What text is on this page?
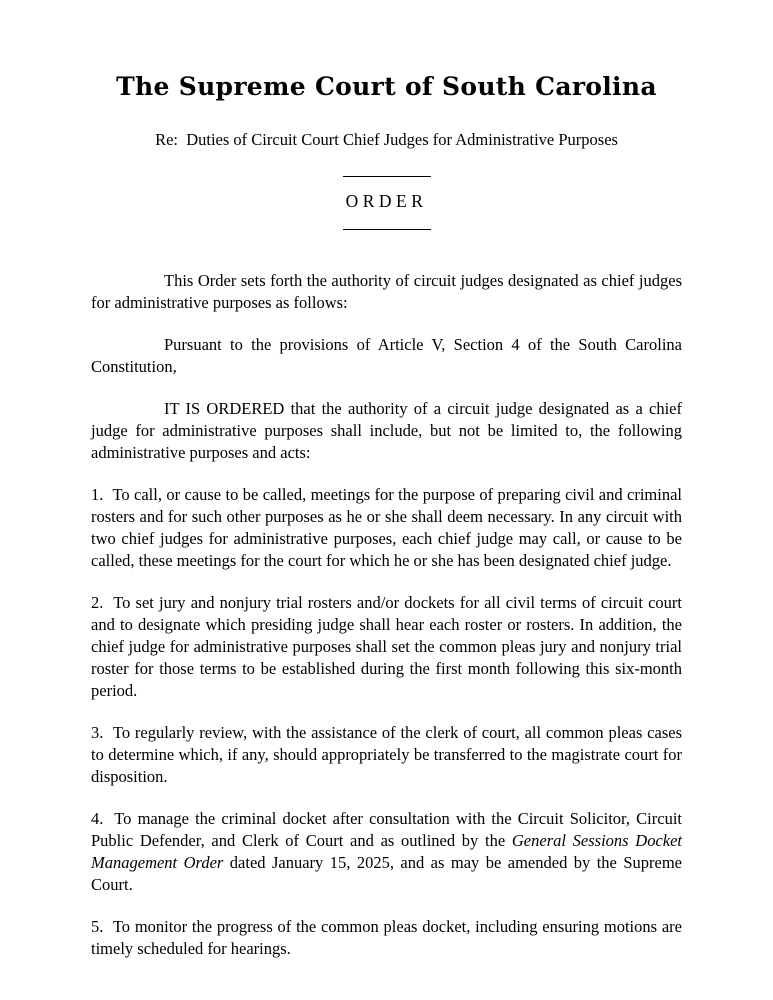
The Supreme Court of South Carolina
Re:  Duties of Circuit Court Chief Judges for Administrative Purposes
ORDER

This Order sets forth the authority of circuit judges designated as chief judges for administrative purposes as follows:

Pursuant to the provisions of Article V, Section 4 of the South Carolina Constitution,

IT IS ORDERED that the authority of a circuit judge designated as a chief judge for administrative purposes shall include, but not be limited to, the following administrative purposes and acts:

1. To call, or cause to be called, meetings for the purpose of preparing civil and criminal rosters and for such other purposes as he or she shall deem necessary. In any circuit with two chief judges for administrative purposes, each chief judge may call, or cause to be called, these meetings for the court for which he or she has been designated chief judge.

2. To set jury and nonjury trial rosters and/or dockets for all civil terms of circuit court and to designate which presiding judge shall hear each roster or rosters. In addition, the chief judge for administrative purposes shall set the common pleas jury and nonjury trial roster for those terms to be established during the first month following this six-month period.

3. To regularly review, with the assistance of the clerk of court, all common pleas cases to determine which, if any, should appropriately be transferred to the magistrate court for disposition.

4. To manage the criminal docket after consultation with the Circuit Solicitor, Circuit Public Defender, and Clerk of Court and as outlined by the General Sessions Docket Management Order dated January 15, 2025, and as may be amended by the Supreme Court.

5. To monitor the progress of the common pleas docket, including ensuring motions are timely scheduled for hearings.
